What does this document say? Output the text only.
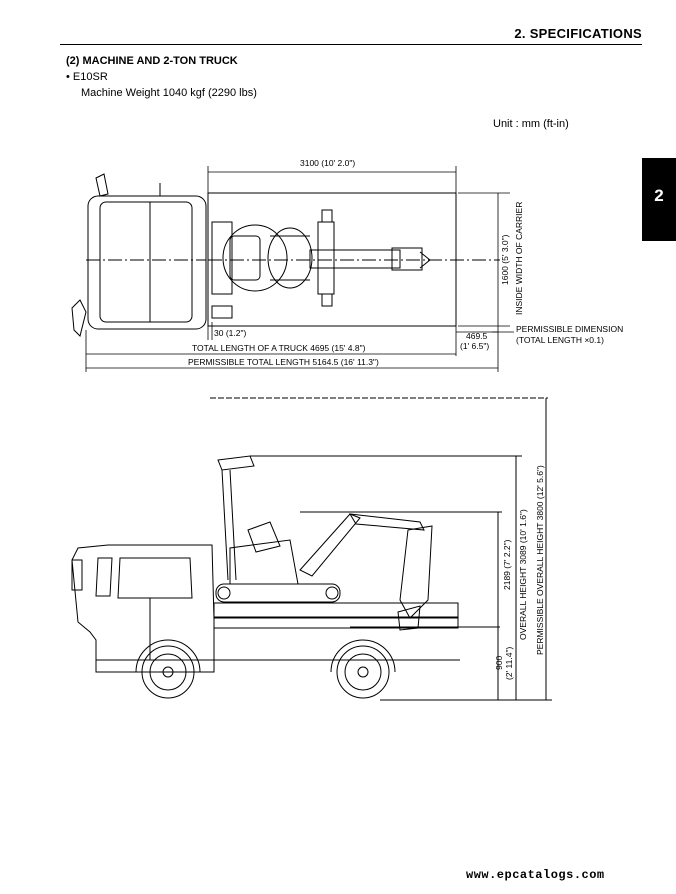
2. SPECIFICATIONS
(2) MACHINE AND 2-TON TRUCK
• E10SR
Machine Weight 1040 kgf (2290 lbs)
Unit : mm (ft-in)
2
3100 (10' 2.0")
1600 (5' 3.0") INSIDE WIDTH OF CARRIER
30 (1.2")
TOTAL LENGTH OF A TRUCK 4695 (15' 4.8")
PERMISSIBLE TOTAL LENGTH 5164.5 (16' 11.3")
469.5
(1' 6.5")
PERMISSIBLE DIMENSION
(TOTAL LENGTH ×0.1)
2189 (7' 2.2") OVERALL HEIGHT 3089 (10' 1.6") PERMISSIBLE OVERALL HEIGHT 3800 (12' 5.6")
900 (2' 11.4")
www.epcatalogs.com
